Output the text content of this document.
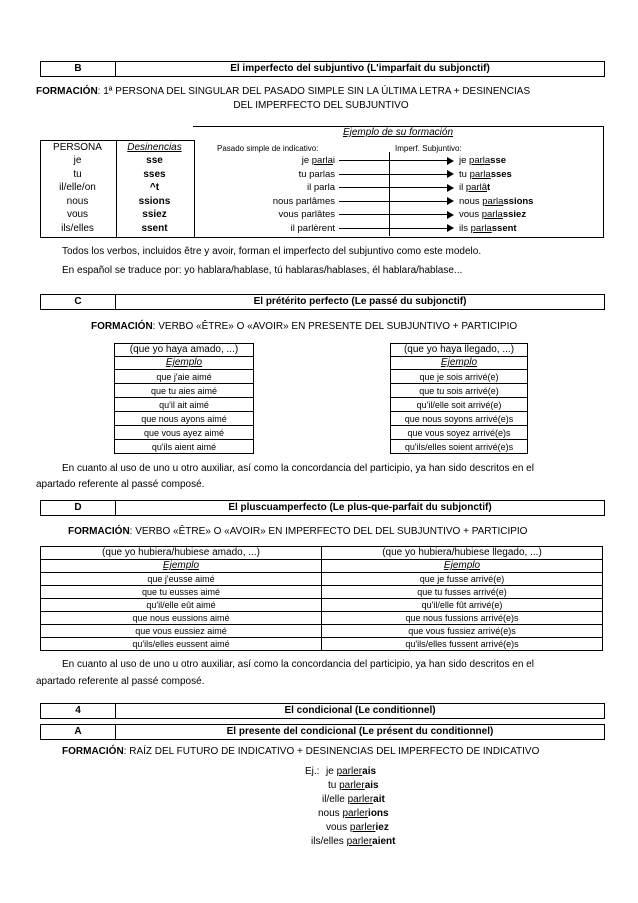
B	El imperfecto del subjuntivo (L'imparfait du subjonctif)
FORMACIÓN: 1ª PERSONA DEL SINGULAR DEL PASADO SIMPLE SIN LA ÚLTIMA LETRA + DESINENCIAS
DEL IMPERFECTO DEL SUBJUNTIVO
Ejemplo de su formación
PERSONA	Desinencias	Pasado simple de indicativo:	Imperf. Subjuntivo:
je	sse	je parlai	je parlasse
tu	sses	tu parlas	tu parlasses
il/elle/on	^t	il parla	il parlât
nous	ssions	nous parlâmes	nous parlassions
vous	ssiez	vous parlâtes	vous parlassiez
ils/elles	ssent	il parlèrent	ils parlassent
Todos los verbos, incluidos être y avoir, forman el imperfecto del subjuntivo como este modelo.
En español se traduce por: yo hablara/hablase, tú hablaras/hablases, él hablara/hablase...
C	El prétérito perfecto (Le passé du subjonctif)
FORMACIÓN: VERBO «ÊTRE» O «AVOIR» EN PRESENTE DEL SUBJUNTIVO + PARTICIPIO
(que yo haya amado, ...)
Ejemplo
que j'aie aimé
que tu aies aimé
qu'il ait aimé
que nous ayons aimé
que vous ayez aimé
qu'ils aient aimé
(que yo haya llegado, ...)
Ejemplo
que je sois arrivé(e)
que tu sois arrivé(e)
qu'il/elle soit arrivé(e)
que nous soyons arrivé(e)s
que vous soyez arrivé(e)s
qu'ils/elles soient arrivé(e)s
En cuanto al uso de uno u otro auxiliar, así como la concordancia del participio, ya han sido descritos en el
apartado referente al passé composé.
D	El pluscuamperfecto (Le plus-que-parfait du subjonctif)
FORMACIÓN: VERBO «ÊTRE» O «AVOIR» EN IMPERFECTO DEL DEL SUBJUNTIVO + PARTICIPIO
(que yo hubiera/hubiese amado, ...)	(que yo hubiera/hubiese llegado, ...)
Ejemplo	Ejemplo
que j'eusse aimé	que je fusse arrivé(e)
que tu eusses aimé	que tu fusses arrivé(e)
qu'il/elle eût aimé	qu'il/elle fût arrivé(e)
que nous eussions aimé	que nous fussions arrivé(e)s
que vous eussiez aimé	que vous fussiez arrivé(e)s
qu'ils/elles eussent aimé	qu'ils/elles fussent arrivé(e)s
En cuanto al uso de uno u otro auxiliar, así como la concordancia del participio, ya han sido descritos en el
apartado referente al passé composé.
4	El condicional (Le conditionnel)
A	El presente del condicional (Le présent du conditionnel)
FORMACIÓN: RAÍZ DEL FUTURO DE INDICATIVO + DESINENCIAS DEL IMPERFECTO DE INDICATIVO
Ej.: je parlerais
tu parlerais
il/elle parlerait
nous parlerions
vous parleriez
ils/elles parleraient
